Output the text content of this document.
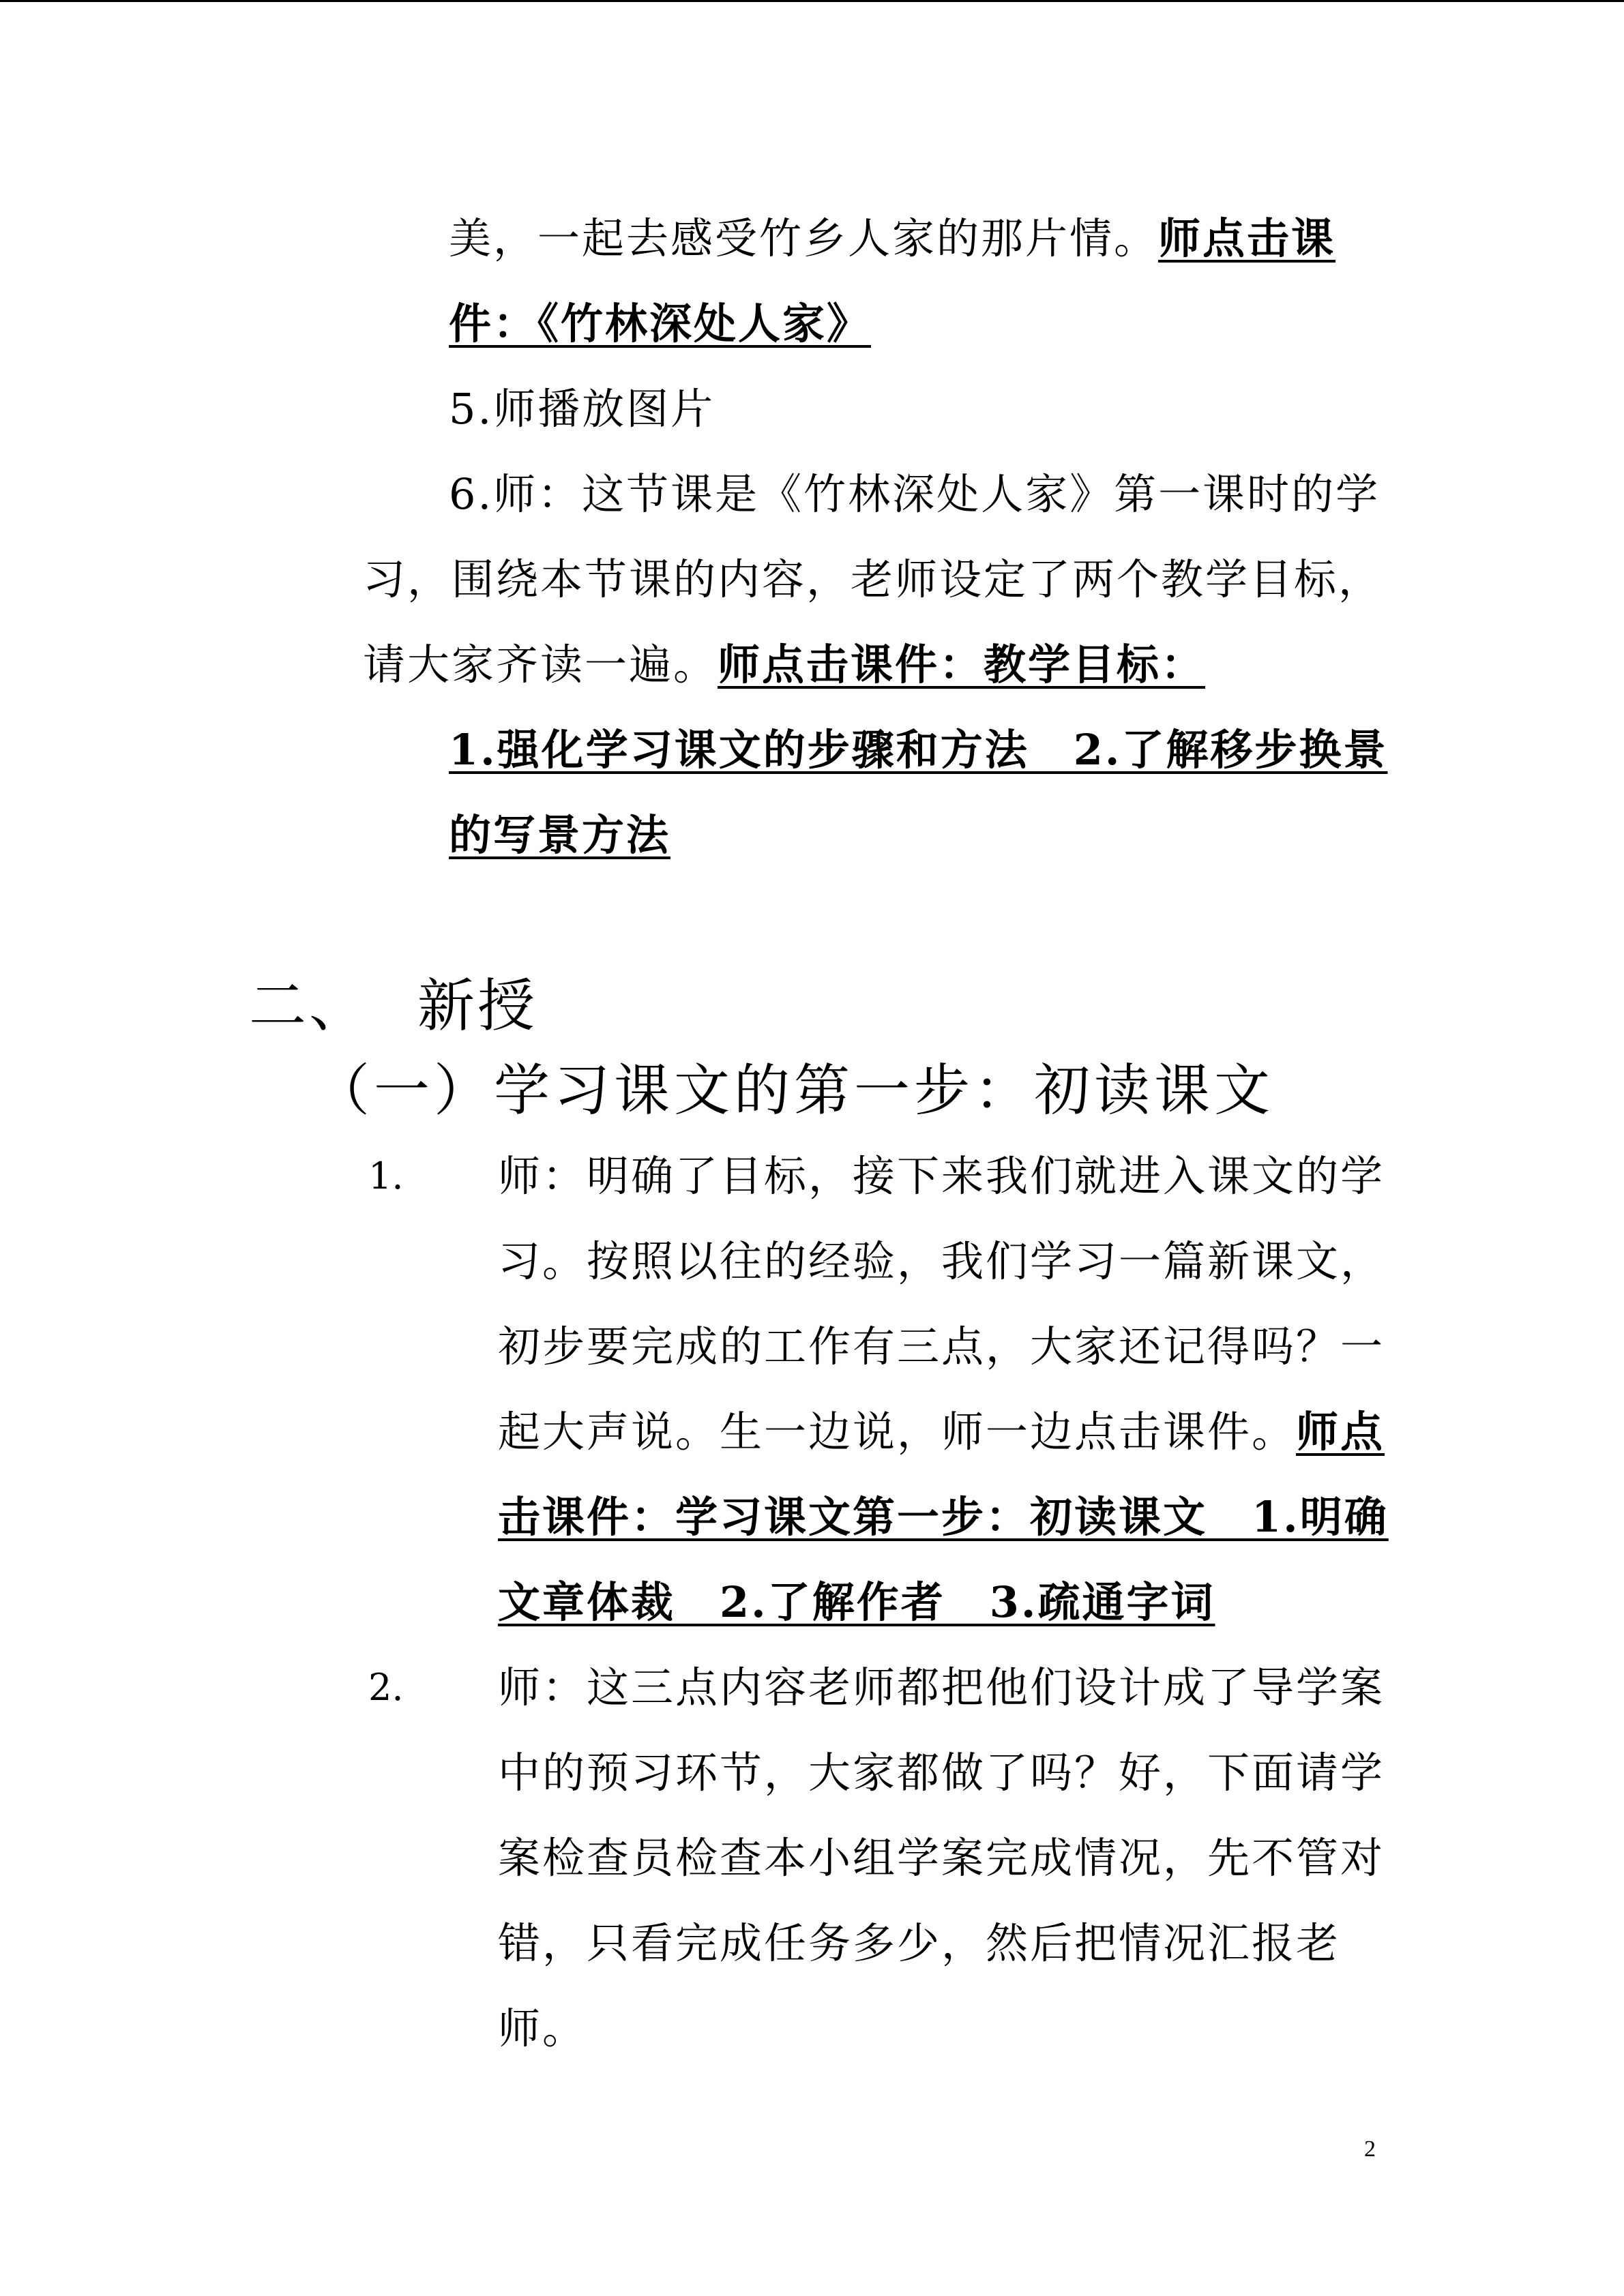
美，一起去感受竹乡人家的那片情。师点击课
件：《竹林深处人家》
5.师播放图片
6.师：这节课是《竹林深处人家》第一课时的学
习，围绕本节课的内容，老师设定了两个教学目标，
请大家齐读一遍。师点击课件：教学目标：
1.强化学习课文的步骤和方法　2.了解移步换景
的写景方法
二、 新授
（一）学习课文的第一步：初读课文
1. 师：明确了目标，接下来我们就进入课文的学
习。按照以往的经验，我们学习一篇新课文，
初步要完成的工作有三点，大家还记得吗？一
起大声说。生一边说，师一边点击课件。师点
击课件：学习课文第一步：初读课文　1.明确
文章体裁　2.了解作者　3.疏通字词
2. 师：这三点内容老师都把他们设计成了导学案
中的预习环节，大家都做了吗？好，下面请学
案检查员检查本小组学案完成情况，先不管对
错，只看完成任务多少，然后把情况汇报老
师。
2
